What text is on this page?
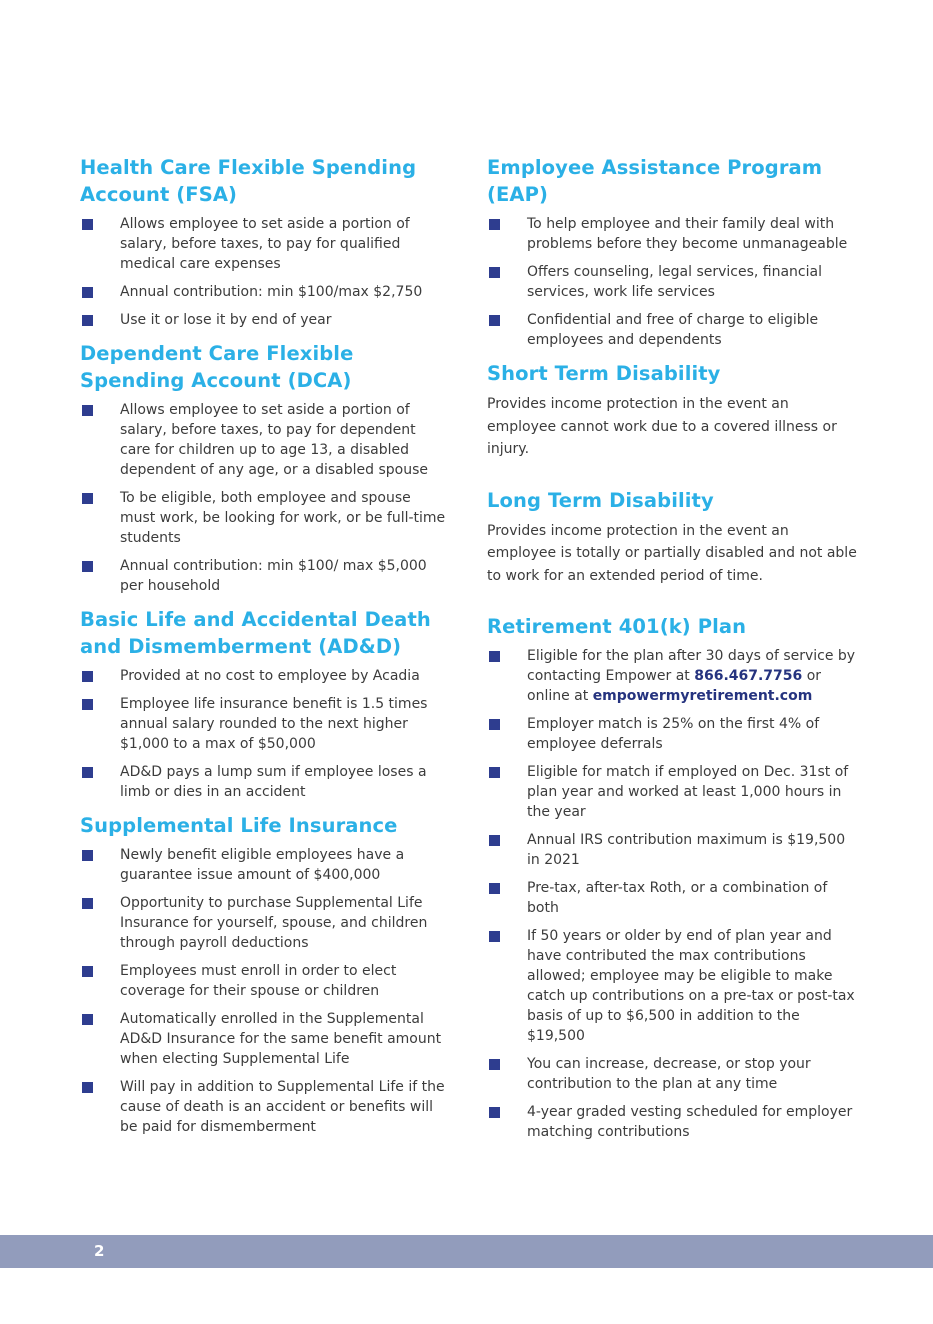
Health Care Flexible Spending Account (FSA)
Allows employee to set aside a portion of salary, before taxes, to pay for qualified medical care expenses
Annual contribution: min $100/max $2,750
Use it or lose it by end of year
Dependent Care Flexible Spending Account (DCA)
Allows employee to set aside a portion of salary, before taxes, to pay for dependent care for children up to age 13, a disabled dependent of any age, or a disabled spouse
To be eligible, both employee and spouse must work, be looking for work, or be full-time students
Annual contribution: min $100/ max $5,000 per household
Basic Life and Accidental Death and Dismemberment (AD&D)
Provided at no cost to employee by Acadia
Employee life insurance benefit is 1.5 times annual salary rounded to the next higher $1,000 to a max of $50,000
AD&D pays a lump sum if employee loses a limb or dies in an accident
Supplemental Life Insurance
Newly benefit eligible employees have a guarantee issue amount of $400,000
Opportunity to purchase Supplemental Life Insurance for yourself, spouse, and children through payroll deductions
Employees must enroll in order to elect coverage for their spouse or children
Automatically enrolled in the Supplemental AD&D Insurance for the same benefit amount when electing Supplemental Life
Will pay in addition to Supplemental Life if the cause of death is an accident or benefits will be paid for dismemberment
Employee Assistance Program (EAP)
To help employee and their family deal with problems before they become unmanageable
Offers counseling, legal services, financial services, work life services
Confidential and free of charge to eligible employees and dependents
Short Term Disability

Provides income protection in the event an employee cannot work due to a covered illness or injury.

Long Term Disability

Provides income protection in the event an employee is totally or partially disabled and not able to work for an extended period of time.

Retirement 401(k) Plan
Eligible for the plan after 30 days of service by contacting Empower at 866.467.7756 or online at empowermyretirement.com
Employer match is 25% on the first 4% of employee deferrals
Eligible for match if employed on Dec. 31st of plan year and worked at least 1,000 hours in the year
Annual IRS contribution maximum is $19,500 in 2021
Pre-tax, after-tax Roth, or a combination of both
If 50 years or older by end of plan year and have contributed the max contributions allowed; employee may be eligible to make catch up contributions on a pre-tax or post-tax basis of up to $6,500 in addition to the $19,500
You can increase, decrease, or stop your contribution to the plan at any time
4-year graded vesting scheduled for employer matching contributions
2
